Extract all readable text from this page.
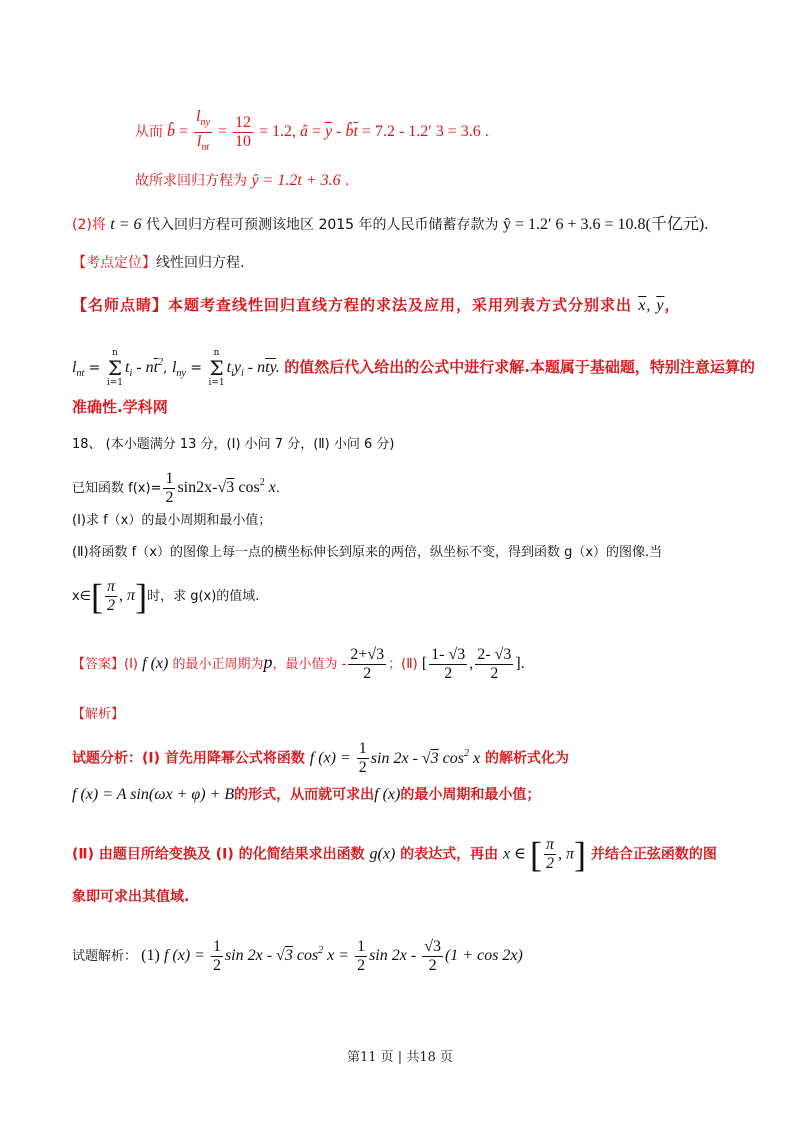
从而 b̂ = $\frac{l_{ny}}{l_{nt}} = \frac{12}{10} = 1.2$, â = $\overline{y}$ - $b̂\overline{t} = 7.2 - 1.2'$ 3 = 3.6 .
故所求回归方程为 ŷ = 1.2t + 3.6 .
(2)将 t = 6 代入回归方程可预测该地区 2015 年的人民币储蓄存款为 ŷ = 1.2′ 6 + 3.6 = 10.8(千亿元).
【考点定位】线性回归方程.
【名师点睛】本题考查线性回归直线方程的求法及应用，采用列表方式分别求出 $\overline{x}$, $\overline{y}$，
$l_{nt}$ =
n
Σ
i=1
$t_i - n\overline{t}^2$, $l_{ny}$ =
n
Σ
i=1
$t_iy_i - n\overline{t}\overline{y}$. 的值然后代入给出的公式中进行求解.本题属于基础题，特别注意运算的
准确性.学科网
18、 (本小题满分 13 分，(Ⅰ) 小问 7 分，(Ⅱ) 小问 6 分)
已知函数 $f(x)= \frac{1}{2} \sin 2x-√3$ $\cos^2 x$.
(Ⅰ)求 f（x）的最小周期和最小值；
(Ⅱ)将函数 f（x）的图像上每一点的横坐标伸长到原来的两倍，纵坐标不变，得到函数 g（x）的图像.当
x∈[ $\frac{\pi}{2}$ , π]时，求 g(x)的值域.
【答案】(Ⅰ) f (x) 的最小正周期为p，最小值为 - $\frac{2+√3}{2}$ ；(Ⅱ) [ $\frac{1- √3}{2}$ , $\frac{2- √3}{2}$ ].
【解析】
试题分析：(Ⅰ) 首先用降幂公式将函数 f $(x) = \frac{1}{2}$ sin 2x - √3 $\cos^2 x$ 的解析式化为
f (x) = A sin(ωx + φ) + B的形式，从而就可求出f (x)的最小周期和最小值；
(Ⅱ) 由题目所给变换及 (Ⅰ) 的化简结果求出函数 g(x) 的表达式，再由 x ∈ [ $\frac{\pi}{2}$ , π] 并结合正弦函数的图
象即可求出其值域.
试题解析： (1) f $(x) = \frac{1}{2}$ sin 2x - √3 $\cos^2 x = \frac{1}{2}$ $\sin 2x - \frac{√3}{2} (1 + \cos 2x)$
第11 页 | 共18 页
